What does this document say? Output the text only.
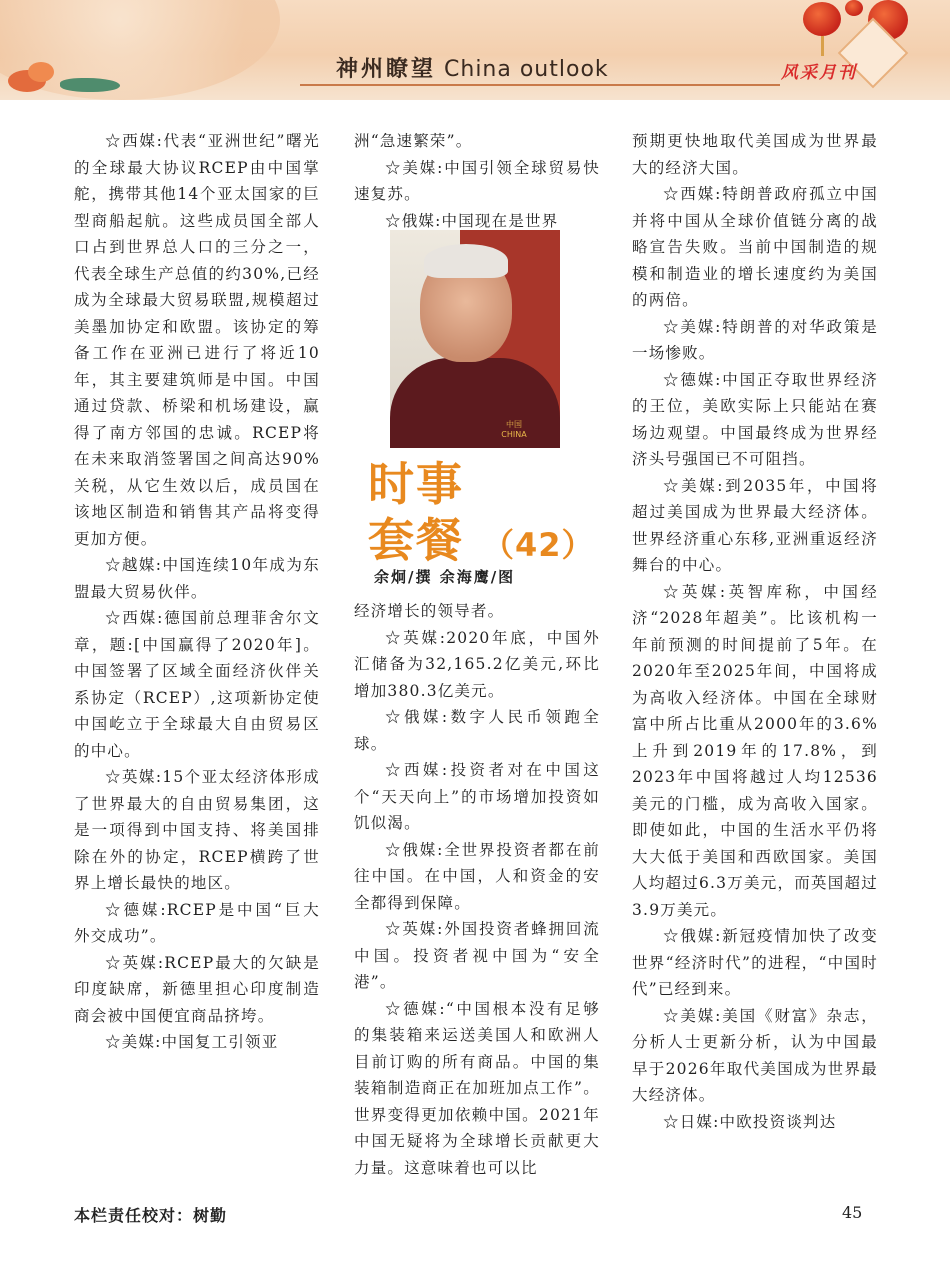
神州瞭望 China outlook	风采月刊

☆西媒:代表“亚洲世纪”曙光的全球最大协议RCEP由中国掌舵，携带其他14个亚太国家的巨型商船起航。这些成员国全部人口占到世界总人口的三分之一，代表全球生产总值的约30%,已经成为全球最大贸易联盟,规模超过美墨加协定和欧盟。该协定的筹备工作在亚洲已进行了将近10年，其主要建筑师是中国。中国通过贷款、桥梁和机场建设，赢得了南方邻国的忠诚。RCEP将在未来取消签署国之间高达90%关税，从它生效以后，成员国在该地区制造和销售其产品将变得更加方便。

☆越媒:中国连续10年成为东盟最大贸易伙伴。

☆西媒:德国前总理菲舍尔文章，题:[中国赢得了2020年]。中国签署了区域全面经济伙伴关系协定（RCEP）,这项新协定使中国屹立于全球最大自由贸易区的中心。

☆英媒:15个亚太经济体形成了世界最大的自由贸易集团，这是一项得到中国支持、将美国排除在外的协定，RCEP横跨了世界上增长最快的地区。

☆德媒:RCEP是中国“巨大外交成功”。

☆英媒:RCEP最大的欠缺是印度缺席，新德里担心印度制造商会被中国便宜商品挤垮。

☆美媒:中国复工引领亚

洲“急速繁荣”。

☆美媒:中国引领全球贸易快速复苏。

☆俄媒:中国现在是世界

中国 CHINA
时事
套餐 （42）
余炯/撰 余海鹰/图

经济增长的领导者。

☆英媒:2020年底，中国外汇储备为32,165.2亿美元,环比增加380.3亿美元。

☆俄媒:数字人民币领跑全球。

☆西媒:投资者对在中国这个“天天向上”的市场增加投资如饥似渴。

☆俄媒:全世界投资者都在前往中国。在中国，人和资金的安全都得到保障。

☆英媒:外国投资者蜂拥回流中国。投资者视中国为“安全港”。

☆德媒:“中国根本没有足够的集装箱来运送美国人和欧洲人目前订购的所有商品。中国的集装箱制造商正在加班加点工作”。世界变得更加依赖中国。2021年中国无疑将为全球增长贡献更大力量。这意味着也可以比

预期更快地取代美国成为世界最大的经济大国。

☆西媒:特朗普政府孤立中国并将中国从全球价值链分离的战略宣告失败。当前中国制造的规模和制造业的增长速度约为美国的两倍。

☆美媒:特朗普的对华政策是一场惨败。

☆德媒:中国正夺取世界经济的王位，美欧实际上只能站在赛场边观望。中国最终成为世界经济头号强国已不可阻挡。

☆美媒:到2035年，中国将超过美国成为世界最大经济体。世界经济重心东移,亚洲重返经济舞台的中心。

☆英媒:英智库称，中国经济“2028年超美”。比该机构一年前预测的时间提前了5年。在2020年至2025年间，中国将成为高收入经济体。中国在全球财富中所占比重从2000年的3.6%上升到2019年的17.8%，到2023年中国将越过人均12536美元的门槛，成为高收入国家。即使如此，中国的生活水平仍将大大低于美国和西欧国家。美国人均超过6.3万美元，而英国超过3.9万美元。

☆俄媒:新冠疫情加快了改变世界“经济时代”的进程，“中国时代”已经到来。

☆美媒:美国《财富》杂志，分析人士更新分析，认为中国最早于2026年取代美国成为世界最大经济体。

☆日媒:中欧投资谈判达

本栏责任校对：树勤	45
